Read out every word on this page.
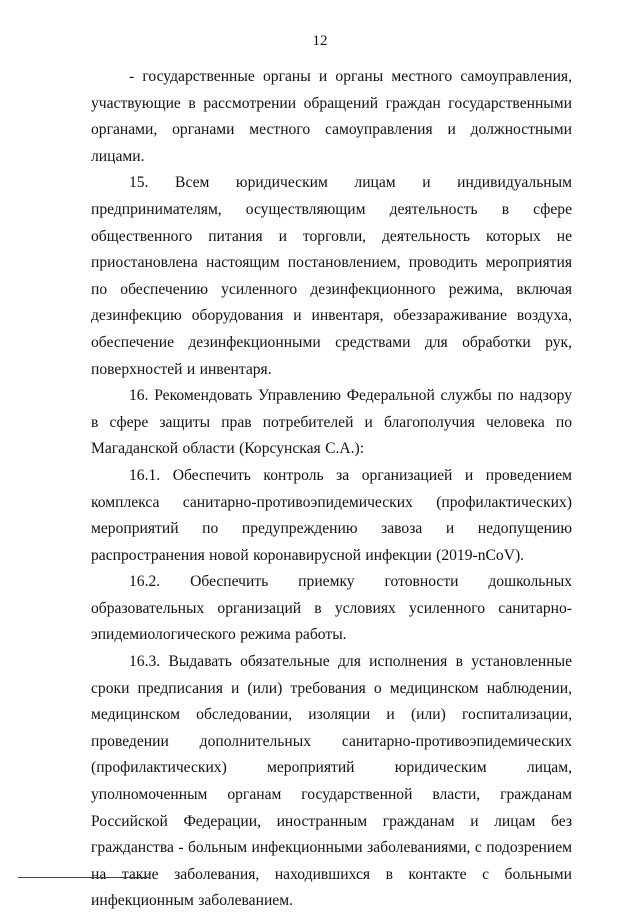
12

- государственные органы и органы местного самоуправления, участвующие в рассмотрении обращений граждан государственными органами, органами местного самоуправления и должностными лицами.

15. Всем юридическим лицам и индивидуальным предпринимателям, осуществляющим деятельность в сфере общественного питания и торговли, деятельность которых не приостановлена настоящим постановлением, проводить мероприятия по обеспечению усиленного дезинфекционного режима, включая дезинфекцию оборудования и инвентаря, обеззараживание воздуха, обеспечение дезинфекционными средствами для обработки рук, поверхностей и инвентаря.

16. Рекомендовать Управлению Федеральной службы по надзору в сфере защиты прав потребителей и благополучия человека по Магаданской области (Корсунская С.А.):

16.1. Обеспечить контроль за организацией и проведением комплекса санитарно-противоэпидемических (профилактических) мероприятий по предупреждению завоза и недопущению распространения новой коронавирусной инфекции (2019-nCoV).

16.2. Обеспечить приемку готовности дошкольных образовательных организаций в условиях усиленного санитарно-эпидемиологического режима работы.

16.3. Выдавать обязательные для исполнения в установленные сроки предписания и (или) требования о медицинском наблюдении, медицинском обследовании, изоляции и (или) госпитализации, проведении дополнительных санитарно-противоэпидемических (профилактических) мероприятий юридическим лицам, уполномоченным органам государственной власти, гражданам Российской Федерации, иностранным гражданам и лицам без гражданства - больным инфекционными заболеваниями, с подозрением на такие заболевания, находившихся в контакте с больными инфекционным заболеванием.
